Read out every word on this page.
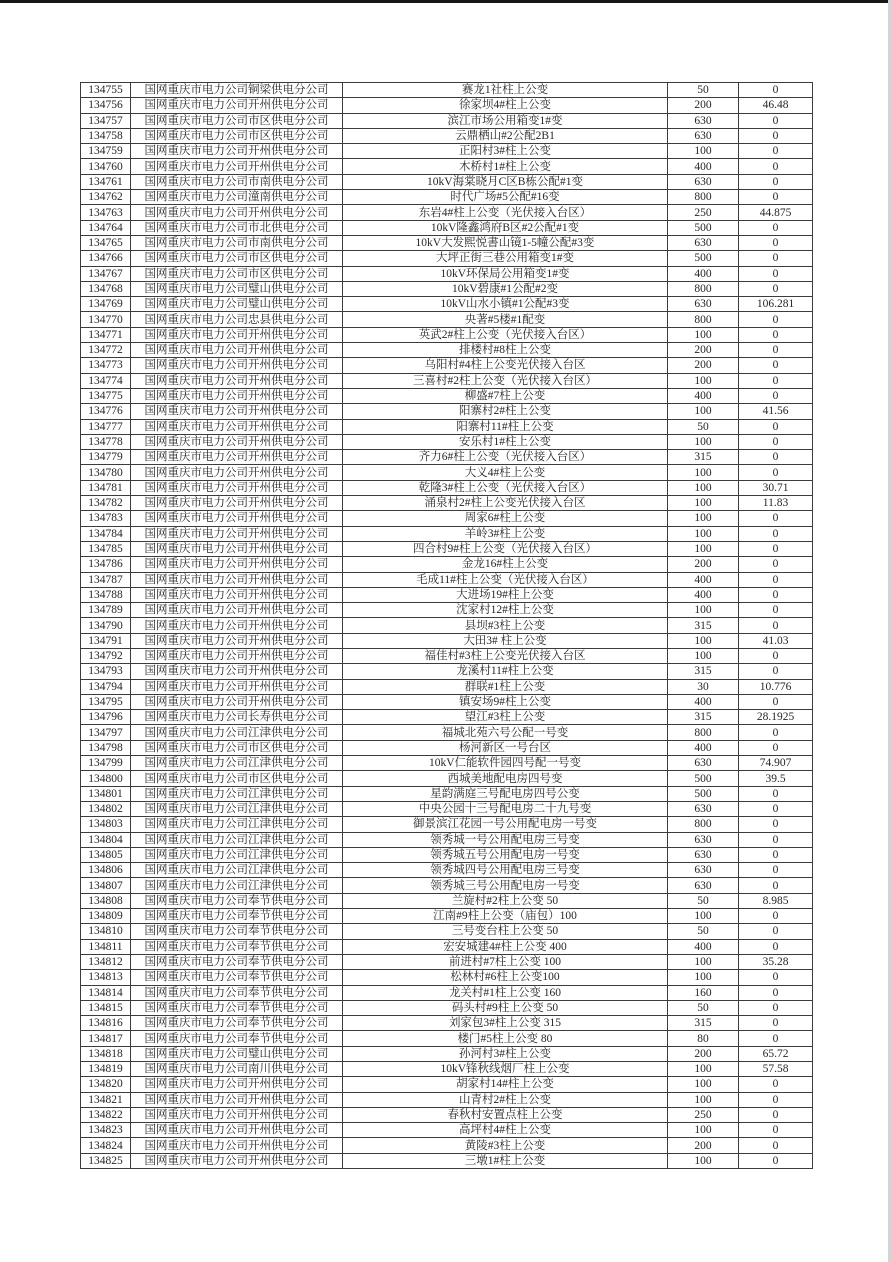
134755	国网重庆市电力公司铜梁供电分公司	赛龙1社柱上公变	50	0
134756	国网重庆市电力公司开州供电分公司	徐家坝4#柱上公变	200	46.48
134757	国网重庆市电力公司市区供电分公司	滨江市场公用箱变1#变	630	0
134758	国网重庆市电力公司市区供电分公司	云鼎栖山#2公配2B1	630	0
134759	国网重庆市电力公司开州供电分公司	正阳村3#柱上公变	100	0
134760	国网重庆市电力公司开州供电分公司	木桥村1#柱上公变	400	0
134761	国网重庆市电力公司市南供电分公司	10kV海棠晓月C区B栋公配#1变	630	0
134762	国网重庆市电力公司潼南供电分公司	时代广场#5公配#16变	800	0
134763	国网重庆市电力公司开州供电分公司	东岩4#柱上公变（光伏接入台区）	250	44.875
134764	国网重庆市电力公司市北供电分公司	10kV隆鑫鸿府B区#2公配#1变	500	0
134765	国网重庆市电力公司市南供电分公司	10kV大发熙悦書山镜1-5幢公配#3变	630	0
134766	国网重庆市电力公司市区供电分公司	大坪正街三巷公用箱变1#变	500	0
134767	国网重庆市电力公司市区供电分公司	10kV环保局公用箱变1#变	400	0
134768	国网重庆市电力公司璧山供电分公司	10kV碧康#1公配#2变	800	0
134769	国网重庆市电力公司璧山供电分公司	10kV山水小镇#1公配#3变	630	106.281
134770	国网重庆市电力公司忠县供电分公司	央著#5楼#1配变	800	0
134771	国网重庆市电力公司开州供电分公司	英武2#柱上公变（光伏接入台区）	100	0
134772	国网重庆市电力公司开州供电分公司	排楼村#8柱上公变	200	0
134773	国网重庆市电力公司开州供电分公司	乌阳村#4柱上公变光伏接入台区	200	0
134774	国网重庆市电力公司开州供电分公司	三喜村#2柱上公变（光伏接入台区）	100	0
134775	国网重庆市电力公司开州供电分公司	柳盛#7柱上公变	400	0
134776	国网重庆市电力公司开州供电分公司	阳寨村2#柱上公变	100	41.56
134777	国网重庆市电力公司开州供电分公司	阳寨村11#柱上公变	50	0
134778	国网重庆市电力公司开州供电分公司	安乐村1#柱上公变	100	0
134779	国网重庆市电力公司开州供电分公司	齐力6#柱上公变（光伏接入台区）	315	0
134780	国网重庆市电力公司开州供电分公司	大义4#柱上公变	100	0
134781	国网重庆市电力公司开州供电分公司	乾隆3#柱上公变（光伏接入台区）	100	30.71
134782	国网重庆市电力公司开州供电分公司	涌泉村2#柱上公变光伏接入台区	100	11.83
134783	国网重庆市电力公司开州供电分公司	周家6#柱上公变	100	0
134784	国网重庆市电力公司开州供电分公司	羊岭3#柱上公变	100	0
134785	国网重庆市电力公司开州供电分公司	四合村9#柱上公变（光伏接入台区）	100	0
134786	国网重庆市电力公司开州供电分公司	金龙16#柱上公变	200	0
134787	国网重庆市电力公司开州供电分公司	毛成11#柱上公变（光伏接入台区）	400	0
134788	国网重庆市电力公司开州供电分公司	大进场19#柱上公变	400	0
134789	国网重庆市电力公司开州供电分公司	沈家村12#柱上公变	100	0
134790	国网重庆市电力公司开州供电分公司	县坝#3柱上公变	315	0
134791	国网重庆市电力公司开州供电分公司	大田3# 柱上公变	100	41.03
134792	国网重庆市电力公司开州供电分公司	福佳村#3柱上公变光伏接入台区	100	0
134793	国网重庆市电力公司开州供电分公司	龙溪村11#柱上公变	315	0
134794	国网重庆市电力公司开州供电分公司	群联#1柱上公变	30	10.776
134795	国网重庆市电力公司开州供电分公司	镇安场9#柱上公变	400	0
134796	国网重庆市电力公司长寿供电分公司	望江#3柱上公变	315	28.1925
134797	国网重庆市电力公司江津供电分公司	福城北苑六号公配一号变	800	0
134798	国网重庆市电力公司市区供电分公司	杨河新区一号台区	400	0
134799	国网重庆市电力公司江津供电分公司	10kV仁能软件园四号配一号变	630	74.907
134800	国网重庆市电力公司市区供电分公司	西城美地配电房四号变	500	39.5
134801	国网重庆市电力公司江津供电分公司	星韵满庭三号配电房四号公变	500	0
134802	国网重庆市电力公司江津供电分公司	中央公园十三号配电房二十九号变	630	0
134803	国网重庆市电力公司江津供电分公司	御景滨江花园一号公用配电房一号变	800	0
134804	国网重庆市电力公司江津供电分公司	领秀城一号公用配电房三号变	630	0
134805	国网重庆市电力公司江津供电分公司	领秀城五号公用配电房一号变	630	0
134806	国网重庆市电力公司江津供电分公司	领秀城四号公用配电房三号变	630	0
134807	国网重庆市电力公司江津供电分公司	领秀城三号公用配电房一号变	630	0
134808	国网重庆市电力公司奉节供电分公司	兰旋村#2柱上公变 50	50	8.985
134809	国网重庆市电力公司奉节供电分公司	江南#9柱上公变（庙包）100	100	0
134810	国网重庆市电力公司奉节供电分公司	三号变台柱上公变 50	50	0
134811	国网重庆市电力公司奉节供电分公司	宏安城建4#柱上公变 400	400	0
134812	国网重庆市电力公司奉节供电分公司	前进村#7柱上公变 100	100	35.28
134813	国网重庆市电力公司奉节供电分公司	松林村#6柱上公变100	100	0
134814	国网重庆市电力公司奉节供电分公司	龙关村#1柱上公变 160	160	0
134815	国网重庆市电力公司奉节供电分公司	码头村#9柱上公变 50	50	0
134816	国网重庆市电力公司奉节供电分公司	刘家包3#柱上公变 315	315	0
134817	国网重庆市电力公司奉节供电分公司	楼门#5柱上公变 80	80	0
134818	国网重庆市电力公司璧山供电分公司	孙河村3#柱上公变	200	65.72
134819	国网重庆市电力公司南川供电分公司	10kV锋秋线烟厂柱上公变	100	57.58
134820	国网重庆市电力公司开州供电分公司	胡家村14#柱上公变	100	0
134821	国网重庆市电力公司开州供电分公司	山青村2#柱上公变	100	0
134822	国网重庆市电力公司开州供电分公司	春秋村安置点柱上公变	250	0
134823	国网重庆市电力公司开州供电分公司	高坪村4#柱上公变	100	0
134824	国网重庆市电力公司开州供电分公司	黄陵#3柱上公变	200	0
134825	国网重庆市电力公司开州供电分公司	三墩1#柱上公变	100	0
